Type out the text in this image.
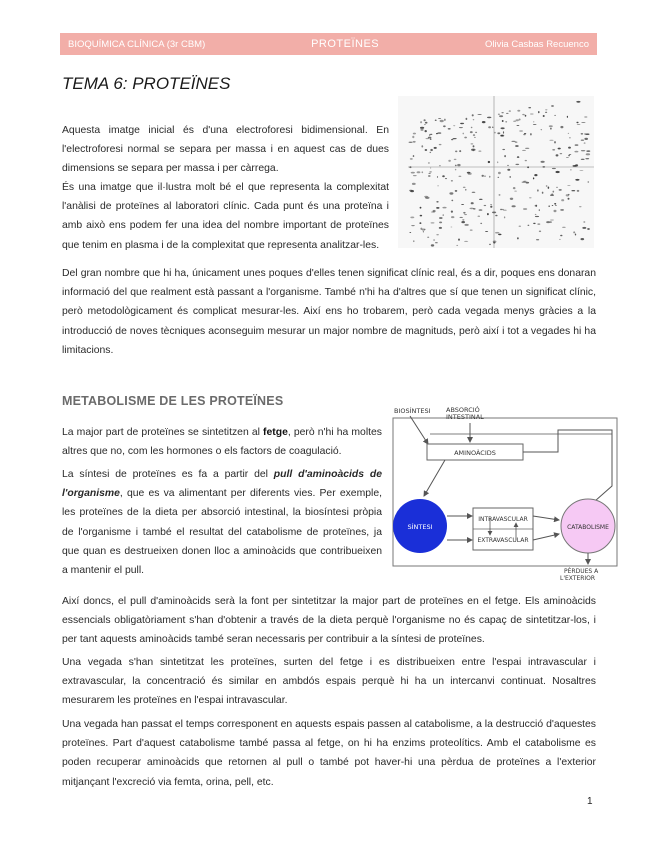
BIOQUÍMICA CLÍNICA (3r CBM)	PROTEÏNES	Olivia Casbas Recuenco
TEMA 6: PROTEÏNES

Aquesta imatge inicial és d'una electroforesi bidimensional. En l'electroforesi normal se separa per massa i en aquest cas de dues dimensions se separa per massa i per càrrega.

És una imatge que il·lustra molt bé el que representa la complexitat l'anàlisi de proteïnes al laboratori clínic. Cada punt és una proteïna i amb això ens podem fer una idea del nombre important de proteïnes que tenim en plasma i de la complexitat que representa analitzar-les.

Del gran nombre que hi ha, únicament unes poques d'elles tenen significat clínic real, és a dir, poques ens donaran informació del que realment està passant a l'organisme. També n'hi ha d'altres que sí que tenen un significat clínic, però metodològicament és complicat mesurar-les. Així ens ho trobarem, però cada vegada menys gràcies a la introducció de noves tècniques aconseguim mesurar un major nombre de magnituds, però així i tot a vegades hi ha limitacions.

METABOLISME DE LES PROTEÏNES

La major part de proteïnes se sintetitzen al fetge, però n'hi ha moltes altres que no, com les hormones o els factors de coagulació.

La síntesi de proteïnes es fa a partir del pull d'aminoàcids de l'organisme, que es va alimentant per diferents vies. Per exemple, les proteïnes de la dieta per absorció intestinal, la biosíntesi pròpia de l'organisme i també el resultat del catabolisme de proteïnes, ja que quan es destrueixen donen lloc a aminoàcids que contribueixen a mantenir el pull.

BIOSÍNTESI ABSORCIÓ
INTESTINAL
AMINOÀCIDS
SÍNTESI
INTRAVASCULAR
EXTRAVASCULAR
CATABOLISME
PÈRDUES A
L'EXTERIOR

Així doncs, el pull d'aminoàcids serà la font per sintetitzar la major part de proteïnes en el fetge. Els aminoàcids essencials obligatòriament s'han d'obtenir a través de la dieta perquè l'organisme no és capaç de sintetitzar-los, i per tant aquests aminoàcids també seran necessaris per contribuir a la síntesi de proteïnes.

Una vegada s'han sintetitzat les proteïnes, surten del fetge i es distribueixen entre l'espai intravascular i extravascular, la concentració és similar en ambdós espais perquè hi ha un intercanvi continuat. Nosaltres mesurarem les proteïnes en l'espai intravascular.

Una vegada han passat el temps corresponent en aquests espais passen al catabolisme, a la destrucció d'aquestes proteïnes. Part d'aquest catabolisme també passa al fetge, on hi ha enzims proteolítics. Amb el catabolisme es poden recuperar aminoàcids que retornen al pull o també pot haver-hi una pèrdua de proteïnes a l'exterior mitjançant l'excreció via femta, orina, pell, etc.

1
